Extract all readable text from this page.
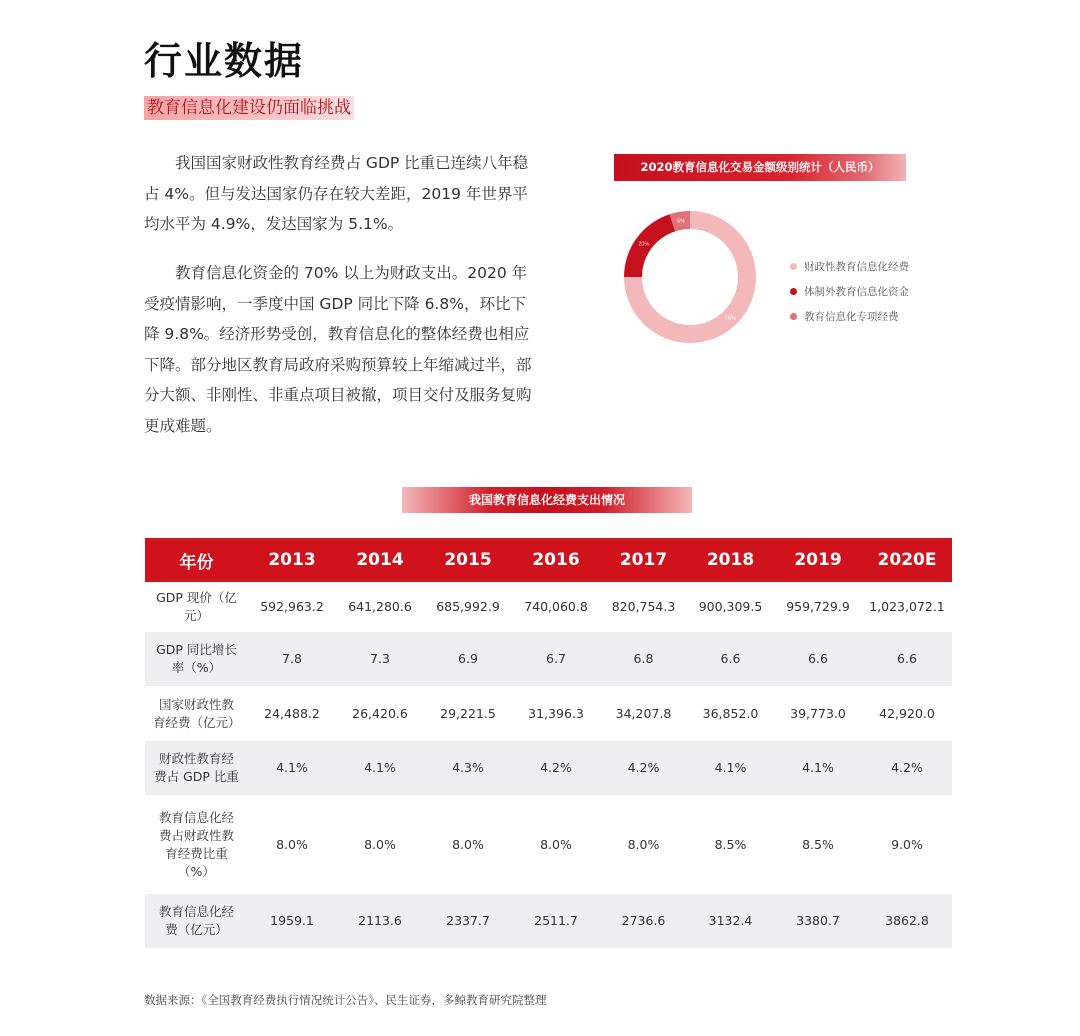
行业数据
教育信息化建设仍面临挑战

我国国家财政性教育经费占 GDP 比重已连续八年稳占 4%。但与发达国家仍存在较大差距，2019 年世界平均水平为 4.9%，发达国家为 5.1%。

教育信息化资金的 70% 以上为财政支出。2020 年受疫情影响，一季度中国 GDP 同比下降 6.8%，环比下降 9.8%。经济形势受创，教育信息化的整体经费也相应下降。部分地区教育局政府采购预算较上年缩减过半，部分大额、非刚性、非重点项目被撤，项目交付及服务复购更成难题。

2020教育信息化交易金额级别统计（人民币）
20%
5%
75%
财政性教育信息化经费
体制外教育信息化资金
教育信息化专项经费
我国教育信息化经费支出情况
年份	2013	2014	2015	2016	2017	2018	2019	2020E
GDP 现价（亿元）	592,963.2	641,280.6	685,992.9	740,060.8	820,754.3	900,309.5	959,729.9	1,023,072.1
GDP 同比增长率（%）	7.8	7.3	6.9	6.7	6.8	6.6	6.6	6.6
国家财政性教育经费（亿元）	24,488.2	26,420.6	29,221.5	31,396.3	34,207.8	36,852.0	39,773.0	42,920.0
财政性教育经费占 GDP 比重	4.1%	4.1%	4.3%	4.2%	4.2%	4.1%	4.1%	4.2%
教育信息化经费占财政性教育经费比重（%）	8.0%	8.0%	8.0%	8.0%	8.0%	8.5%	8.5%	9.0%
教育信息化经费（亿元）	1959.1	2113.6	2337.7	2511.7	2736.6	3132.4	3380.7	3862.8
数据来源：《全国教育经费执行情况统计公告》、民生证券，多鲸教育研究院整理
